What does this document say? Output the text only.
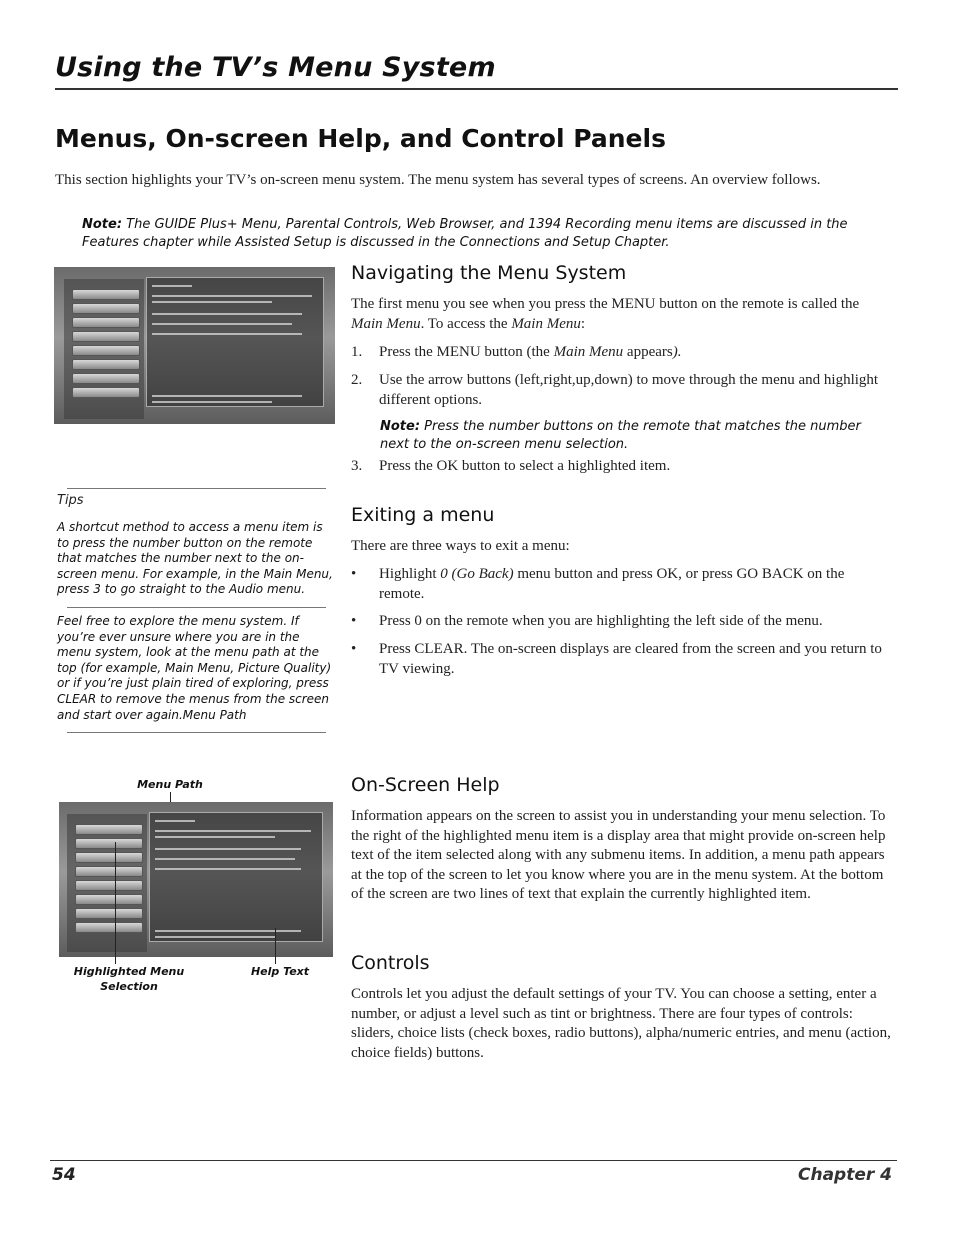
Using the TV’s Menu System
Menus, On-screen Help, and Control Panels

This section highlights your TV’s on-screen menu system. The menu system has several types of screens. An overview follows.

Note: The GUIDE Plus+ Menu, Parental Controls, Web Browser, and 1394 Recording menu items are discussed in the Features chapter while Assisted Setup is discussed in the Connections and Setup Chapter.

Navigating the Menu System

The first menu you see when you press the MENU button on the remote is called the Main Menu. To access the Main Menu:

1. Press the MENU button (the Main Menu appears).
2. Use the arrow buttons (left,right,up,down) to move through the menu and highlight different options.

Note: Press the number buttons on the remote that matches the number next to the on-screen menu selection.

3. Press the OK button to select a highlighted item.
Exiting a menu

There are three ways to exit a menu:

• Highlight 0 (Go Back) menu button and press OK, or press GO BACK on the remote.
• Press 0 on the remote when you are highlighting the left side of the menu.
• Press CLEAR. The on-screen displays are cleared from the screen and you return to TV viewing.
Tips

A shortcut method to access a menu item is to press the number button on the remote that matches the number next to the on-screen menu. For example, in the Main Menu, press 3 to go straight to the Audio menu.

Feel free to explore the menu system. If you’re ever unsure where you are in the menu system, look at the menu path at the top (for example, Main Menu, Picture Quality) or if you’re just plain tired of exploring, press CLEAR to remove the menus from the screen and start over again.Menu Path

Menu Path
Highlighted Menu
Selection
Help Text
On-Screen Help

Information appears on the screen to assist you in understanding your menu selection. To the right of the highlighted menu item is a display area that might provide on-screen help text of the item selected along with any submenu items. In addition, a menu path appears at the top of the screen to let you know where you are in the menu system. At the bottom of the screen are two lines of text that explain the currently highlighted item.

Controls

Controls let you adjust the default settings of your TV. You can choose a setting, enter a number, or adjust a level such as tint or brightness. There are four types of controls: sliders, choice lists (check boxes, radio buttons), alpha/numeric entries, and menu (action, choice fields) buttons.

54	Chapter 4
